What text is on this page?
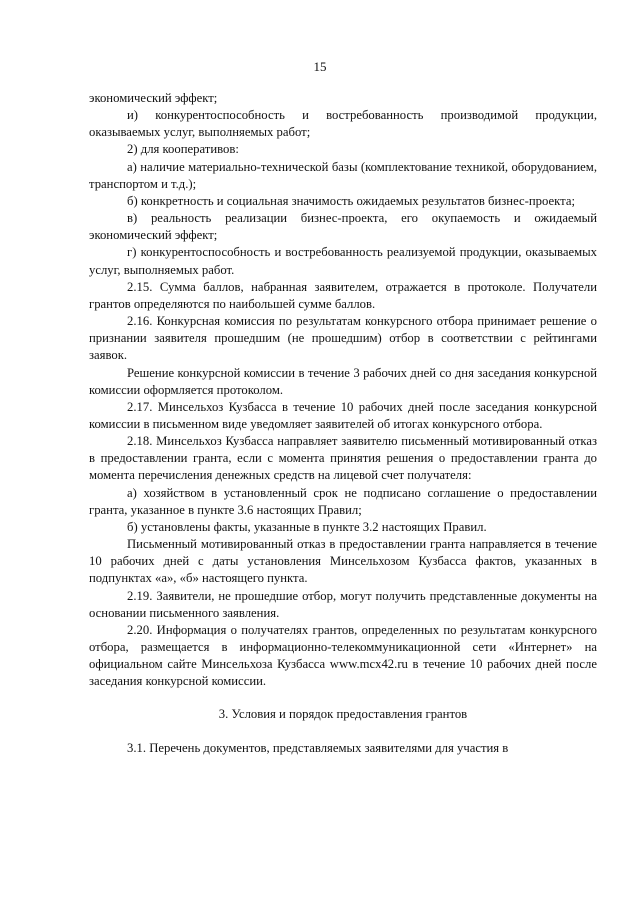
15

экономический эффект;

и) конкурентоспособность и востребованность производимой продукции, оказываемых услуг, выполняемых работ;

2) для кооперативов:

а) наличие материально-технической базы (комплектование техникой, оборудованием, транспортом и т.д.);

б) конкретность и социальная значимость ожидаемых результатов бизнес-проекта;

в) реальность реализации бизнес-проекта, его окупаемость и ожидаемый экономический эффект;

г) конкурентоспособность и востребованность реализуемой продукции, оказываемых услуг, выполняемых работ.

2.15. Сумма баллов, набранная заявителем, отражается в протоколе. Получатели грантов определяются по наибольшей сумме баллов.

2.16. Конкурсная комиссия по результатам конкурсного отбора принимает решение о признании заявителя прошедшим (не прошедшим) отбор в соответствии с рейтингами заявок.

Решение конкурсной комиссии в течение 3 рабочих дней со дня заседания конкурсной комиссии оформляется протоколом.

2.17. Минсельхоз Кузбасса в течение 10 рабочих дней после заседания конкурсной комиссии в письменном виде уведомляет заявителей об итогах конкурсного отбора.

2.18. Минсельхоз Кузбасса направляет заявителю письменный мотивированный отказ в предоставлении гранта, если с момента принятия решения о предоставлении гранта до момента перечисления денежных средств на лицевой счет получателя:

а) хозяйством в установленный срок не подписано соглашение о предоставлении гранта, указанное в пункте 3.6 настоящих Правил;

б) установлены факты, указанные в пункте 3.2 настоящих Правил.

Письменный мотивированный отказ в предоставлении гранта направляется в течение 10 рабочих дней с даты установления Минсельхозом Кузбасса фактов, указанных в подпунктах «а», «б» настоящего пункта.

2.19. Заявители, не прошедшие отбор, могут получить представленные документы на основании письменного заявления.

2.20. Информация о получателях грантов, определенных по результатам конкурсного отбора, размещается в информационно-телекоммуникационной сети «Интернет» на официальном сайте Минсельхоза Кузбасса www.mcx42.ru в течение 10 рабочих дней после заседания конкурсной комиссии.

3. Условия и порядок предоставления грантов

3.1. Перечень документов, представляемых заявителями для участия в
